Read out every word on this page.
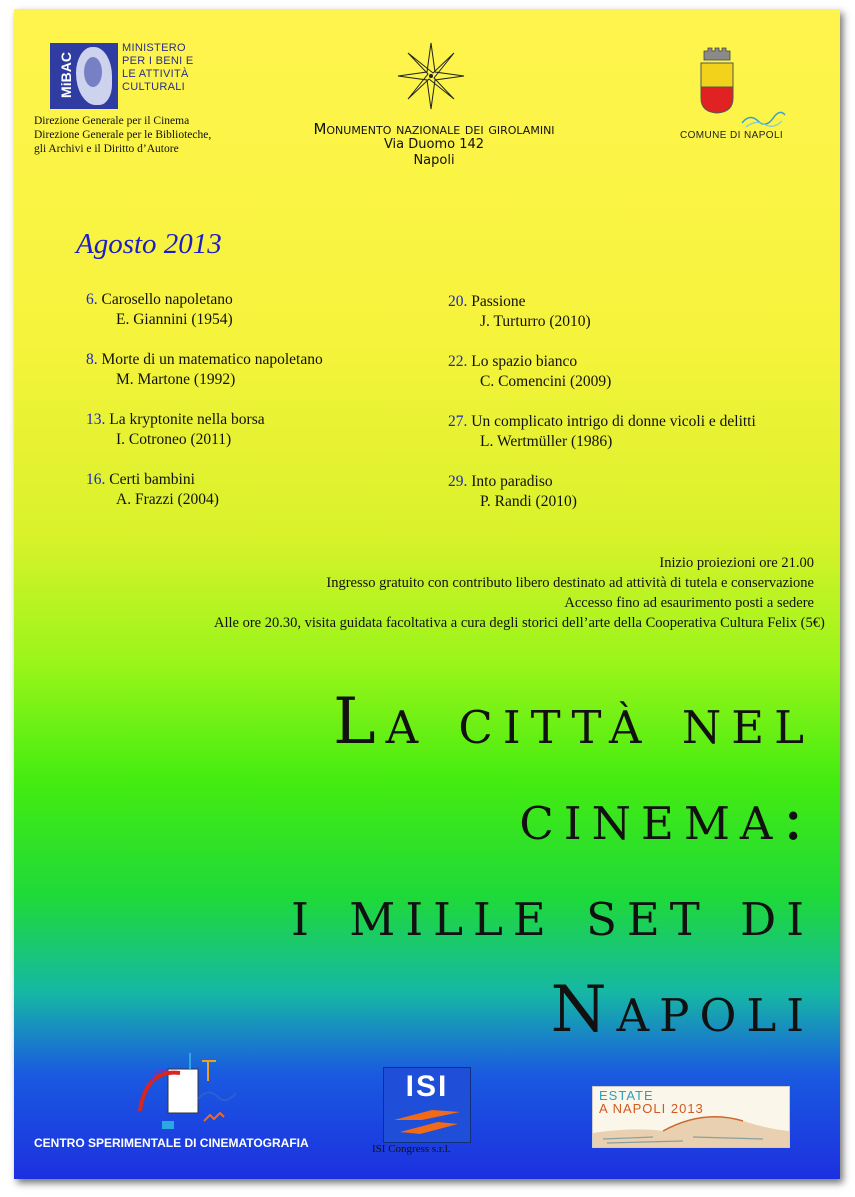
MiBAC
MINISTERO
PER I BENI E
LE ATTIVITÀ
CULTURALI
Direzione Generale per il Cinema
Direzione Generale per le Biblioteche,
gli Archivi e il Diritto d’Autore
Monumento nazionale dei girolamini
Via Duomo 142
Napoli
COMUNE DI NAPOLI
Agosto 2013
6. Carosello napoletano
E. Giannini (1954)
8. Morte di un matematico napoletano
M. Martone (1992)
13. La kryptonite nella borsa
I. Cotroneo (2011)
16. Certi bambini
A. Frazzi (2004)
20. Passione
J. Turturro (2010)
22. Lo spazio bianco
C. Comencini (2009)
27. Un complicato intrigo di donne vicoli e delitti
L. Wertmüller (1986)
29. Into paradiso
P. Randi (2010)
Inizio proiezioni ore 21.00
Ingresso gratuito con contributo libero destinato ad attività di tutela e conservazione
Accesso fino ad esaurimento posti a sedere
Alle ore 20.30, visita guidata facoltativa a cura degli storici dell’arte della Cooperativa Cultura Felix (5€)
La città nel
cinema:
i mille set di
Napoli
CENTRO SPERIMENTALE DI CINEMATOGRAFIA
ISI
ISI Congress s.r.l.
ESTATE
A NAPOLI 2013
